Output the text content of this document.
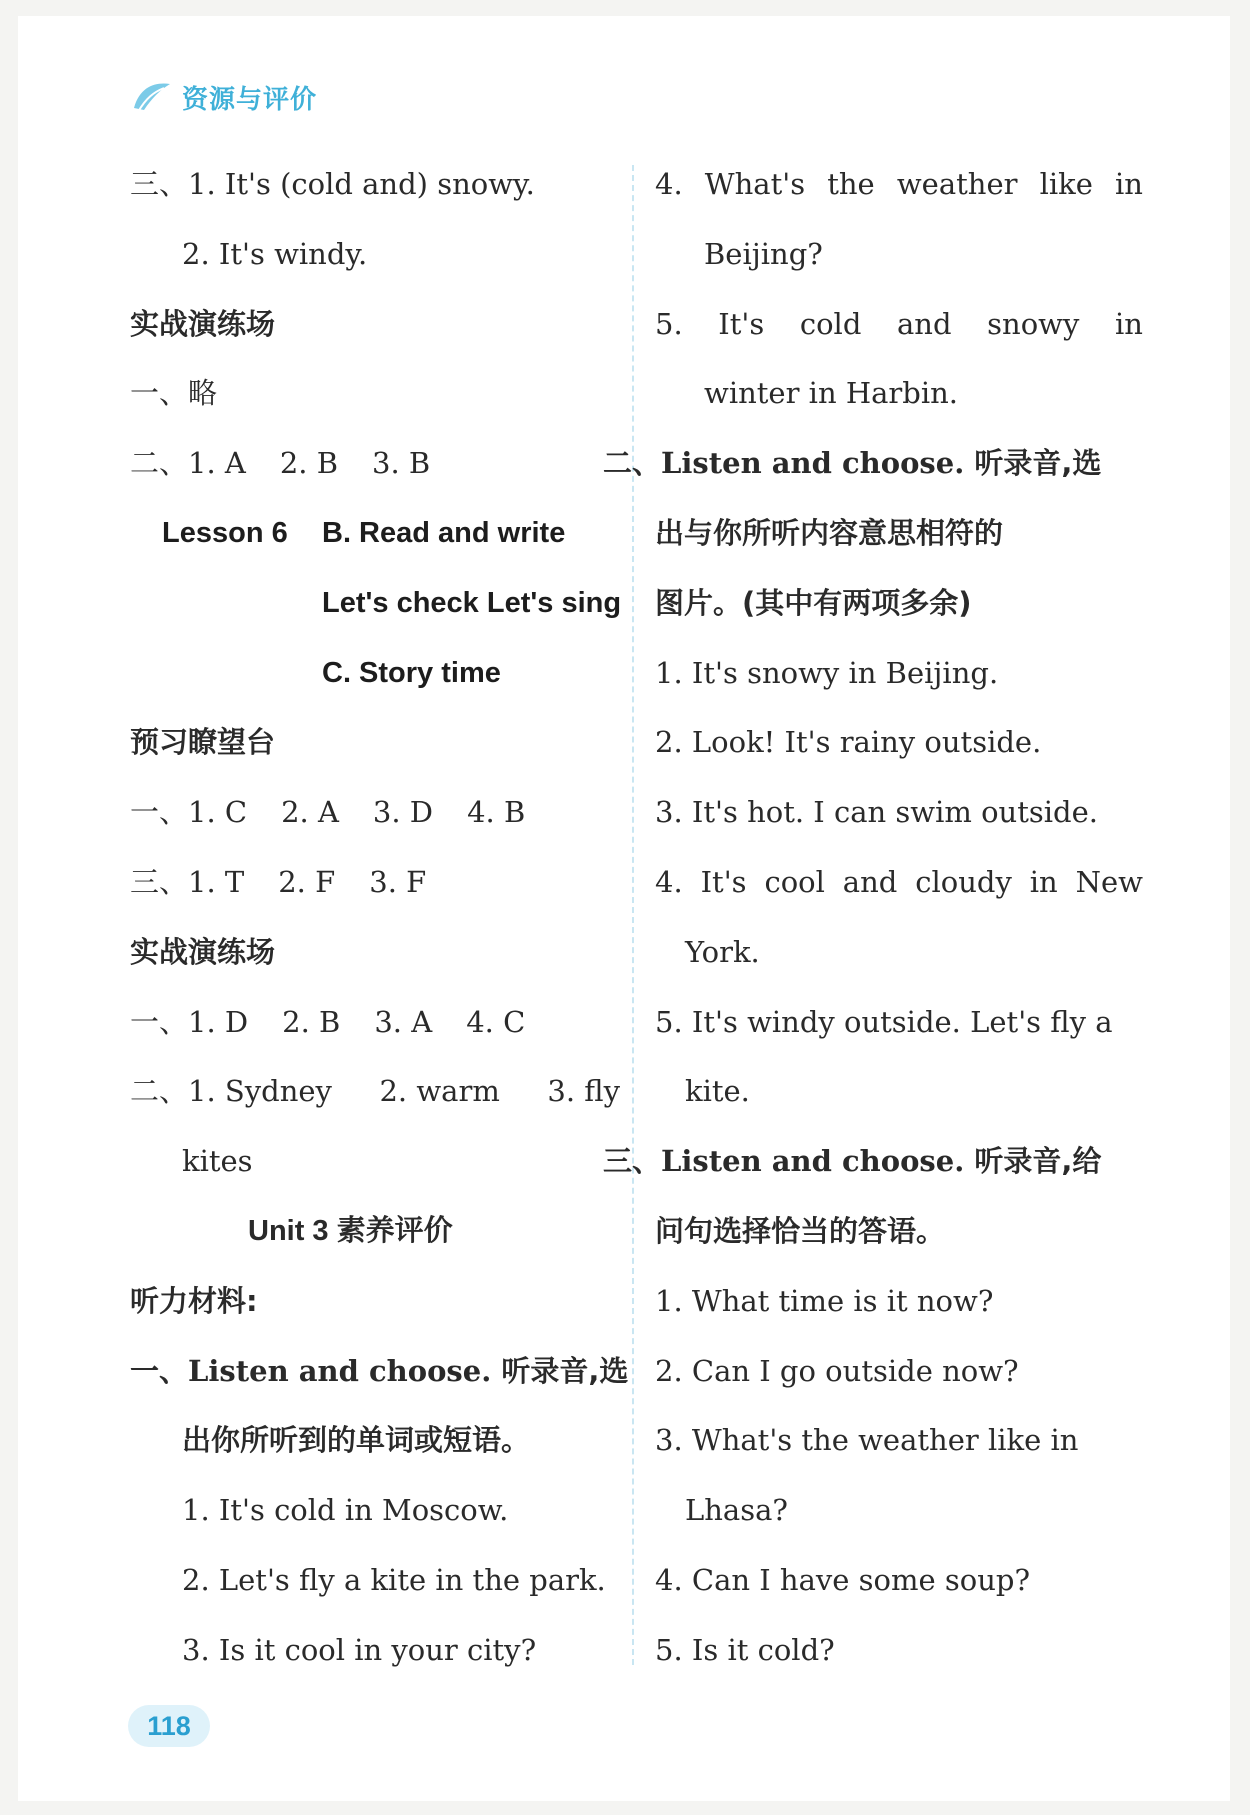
资源与评价
三、1. It's (cold and) snowy.
2. It's windy.
实战演练场
一、略
二、1. A 2. B 3. B
Lesson 6 B. Read and write
Let's check Let's sing
C. Story time
预习瞭望台
一、1. C 2. A 3. D 4. B
三、1. T 2. F 3. F
实战演练场
一、1. D 2. B 3. A 4. C
二、1. Sydney 2. warm 3. fly
kites
Unit 3 素养评价
听力材料:
一、Listen and choose. 听录音,选
出你所听到的单词或短语。
1. It's cold in Moscow.
2. Let's fly a kite in the park.
3. Is it cool in your city?
4. What's the weather like in
Beijing?
5. It's cold and snowy in
winter in Harbin.
二、Listen and choose. 听录音,选
出与你所听内容意思相符的
图片。(其中有两项多余)
1. It's snowy in Beijing.
2. Look! It's rainy outside.
3. It's hot. I can swim outside.
4. It's cool and cloudy in New
York.
5. It's windy outside. Let's fly a
kite.
三、Listen and choose. 听录音,给
问句选择恰当的答语。
1. What time is it now?
2. Can I go outside now?
3. What's the weather like in
Lhasa?
4. Can I have some soup?
5. Is it cold?
118
